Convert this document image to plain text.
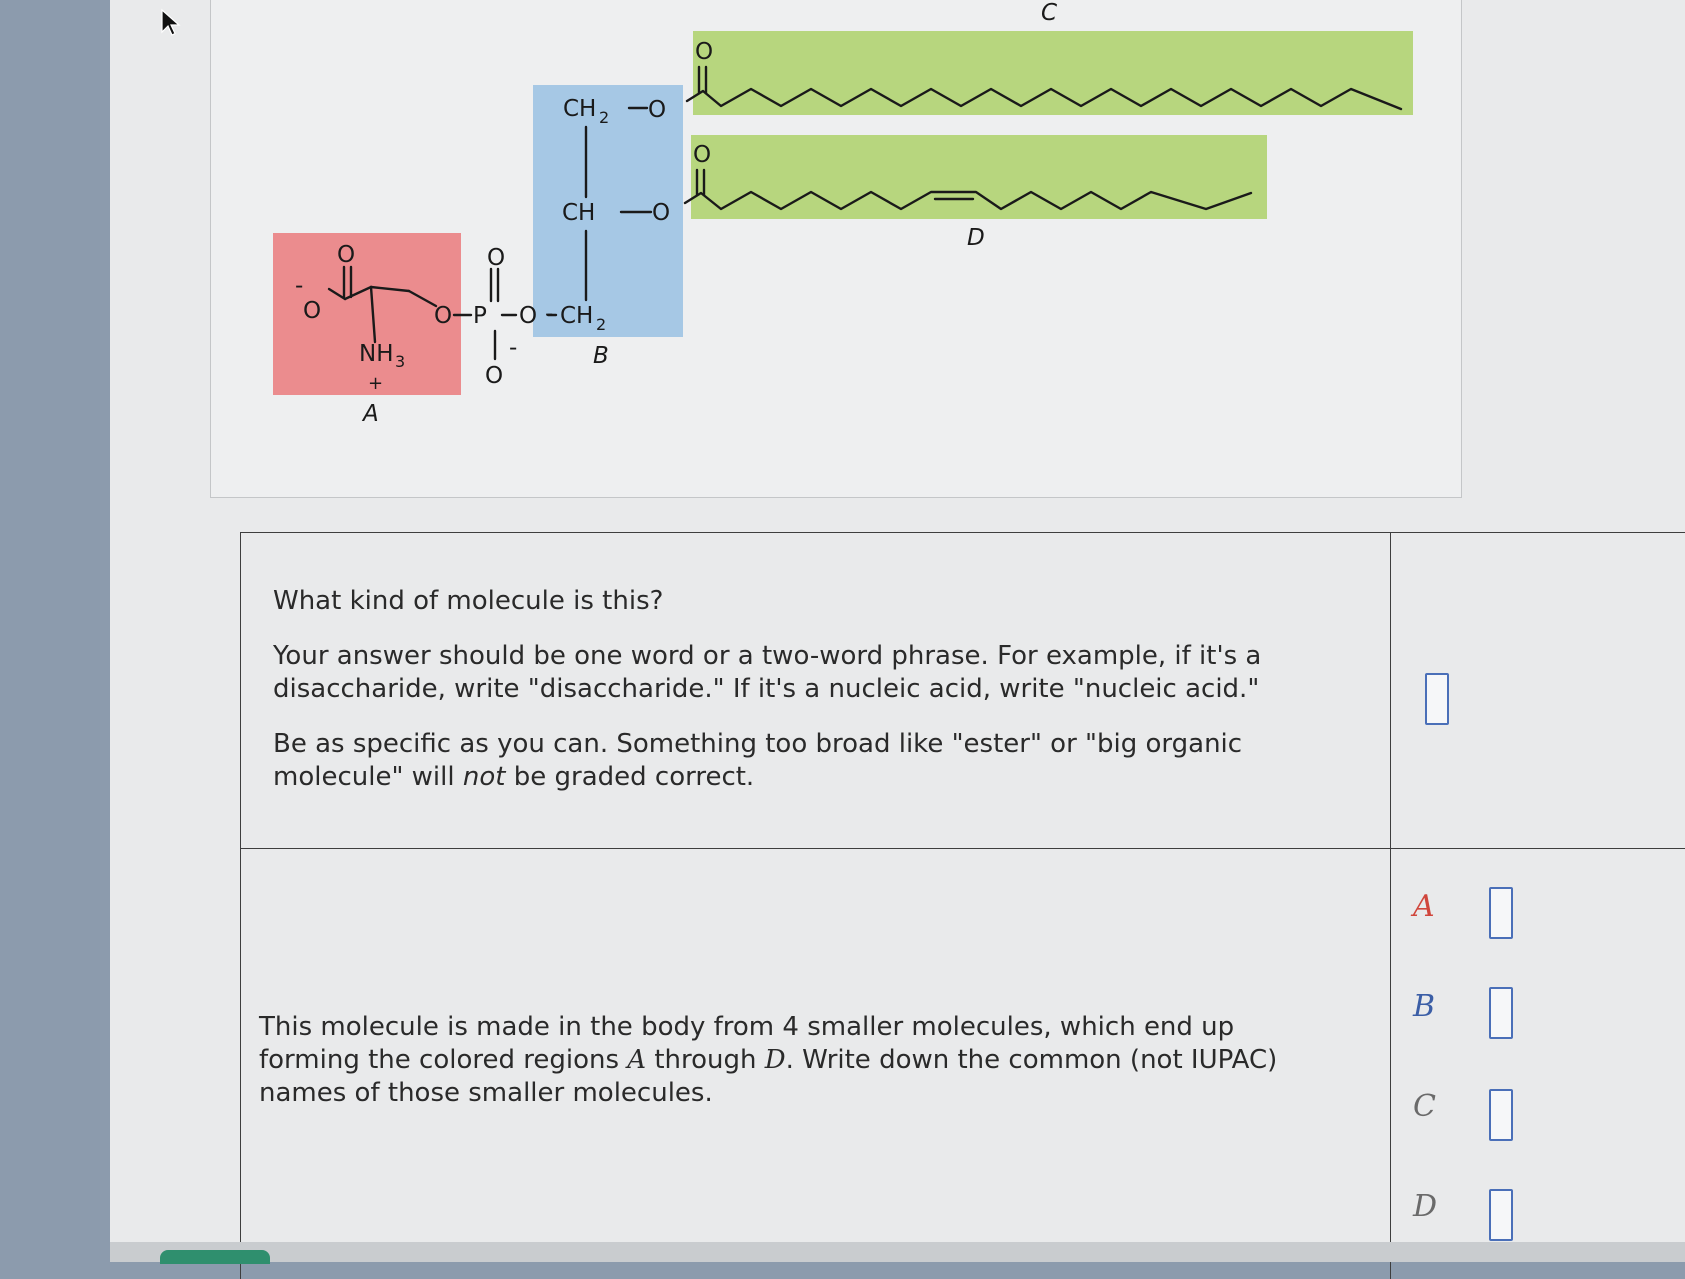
O
O
-
NH 3
+
A
O P
O
O
-
O - CH 2
B
CH O
CH 2 O
O
O
C
D

What kind of molecule is this?

Your answer should be one word or a two-word phrase. For example, if it's a

disaccharide, write "disaccharide." If it's a nucleic acid, write "nucleic acid."

Be as specific as you can. Something too broad like "ester" or "big organic

molecule" will not be graded correct.

This molecule is made in the body from 4 smaller molecules, which end up

forming the colored regions A through D. Write down the common (not IUPAC)

names of those smaller molecules.

A
B
C
D
